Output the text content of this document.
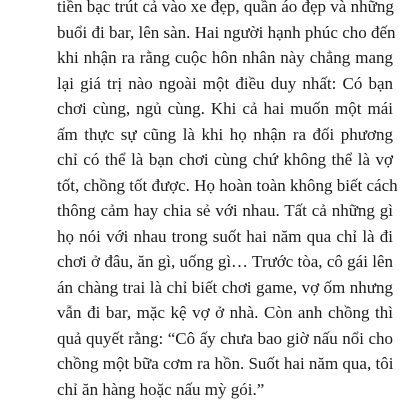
tiền bạc trút cả vào xe đẹp, quần áo đẹp và những
buổi đi bar, lên sàn. Hai người hạnh phúc cho đến
khi nhận ra rằng cuộc hôn nhân này chẳng mang
lại giá trị nào ngoài một điều duy nhất: Có bạn
chơi cùng, ngủ cùng. Khi cả hai muốn một mái
ấm thực sự cũng là khi họ nhận ra đối phương
chỉ có thể là bạn chơi cùng chứ không thể là vợ
tốt, chồng tốt được. Họ hoàn toàn không biết cách
thông cảm hay chia sẻ với nhau. Tất cả những gì
họ nói với nhau trong suốt hai năm qua chỉ là đi
chơi ở đâu, ăn gì, uống gì… Trước tòa, cô gái lên
án chàng trai là chỉ biết chơi game, vợ ốm nhưng
vẫn đi bar, mặc kệ vợ ở nhà. Còn anh chồng thì
quả quyết rằng: “Cô ấy chưa bao giờ nấu nổi cho
chồng một bữa cơm ra hồn. Suốt hai năm qua, tôi
chỉ ăn hàng hoặc nấu mỳ gói.”
